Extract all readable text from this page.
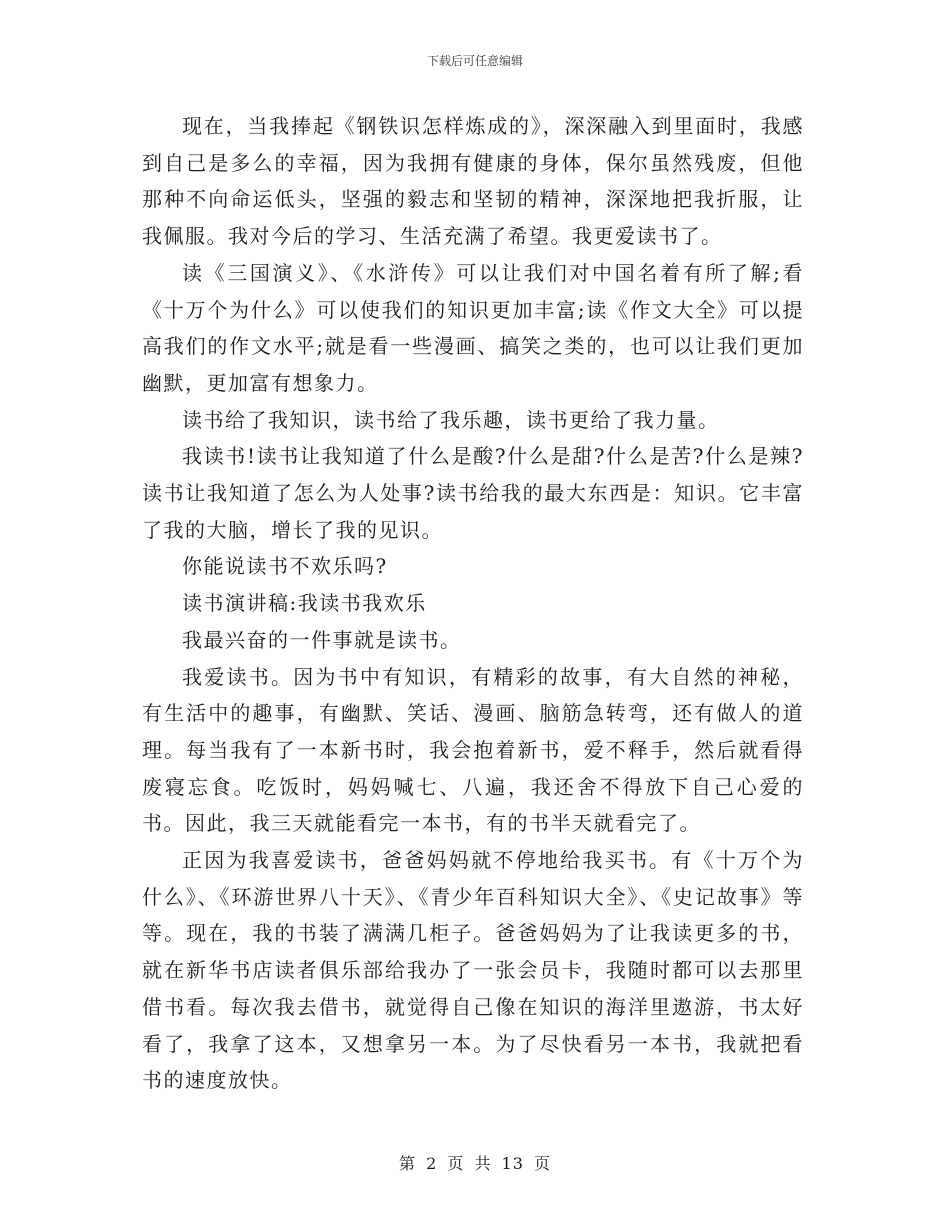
下载后可任意编辑

现在，当我捧起《钢铁识怎样炼成的》，深深融入到里面时，我感到自己是多么的幸福，因为我拥有健康的身体，保尔虽然残废，但他那种不向命运低头，坚强的毅志和坚韧的精神，深深地把我折服，让我佩服。我对今后的学习、生活充满了希望。我更爱读书了。

读《三国演义》、《水浒传》可以让我们对中国名着有所了解;看《十万个为什么》可以使我们的知识更加丰富;读《作文大全》可以提高我们的作文水平;就是看一些漫画、搞笑之类的，也可以让我们更加幽默，更加富有想象力。

读书给了我知识，读书给了我乐趣，读书更给了我力量。

我读书!读书让我知道了什么是酸?什么是甜?什么是苦?什么是辣?读书让我知道了怎么为人处事?读书给我的最大东西是：知识。它丰富了我的大脑，增长了我的见识。

你能说读书不欢乐吗?

读书演讲稿:我读书我欢乐

我最兴奋的一件事就是读书。

我爱读书。因为书中有知识，有精彩的故事，有大自然的神秘，有生活中的趣事，有幽默、笑话、漫画、脑筋急转弯，还有做人的道理。每当我有了一本新书时，我会抱着新书，爱不释手，然后就看得废寝忘食。吃饭时，妈妈喊七、八遍，我还舍不得放下自己心爱的书。因此，我三天就能看完一本书，有的书半天就看完了。

正因为我喜爱读书，爸爸妈妈就不停地给我买书。有《十万个为什么》、《环游世界八十天》、《青少年百科知识大全》、《史记故事》等等。现在，我的书装了满满几柜子。爸爸妈妈为了让我读更多的书，就在新华书店读者俱乐部给我办了一张会员卡，我随时都可以去那里借书看。每次我去借书，就觉得自己像在知识的海洋里遨游，书太好看了，我拿了这本，又想拿另一本。为了尽快看另一本书，我就把看书的速度放快。

第 2 页 共 13 页
